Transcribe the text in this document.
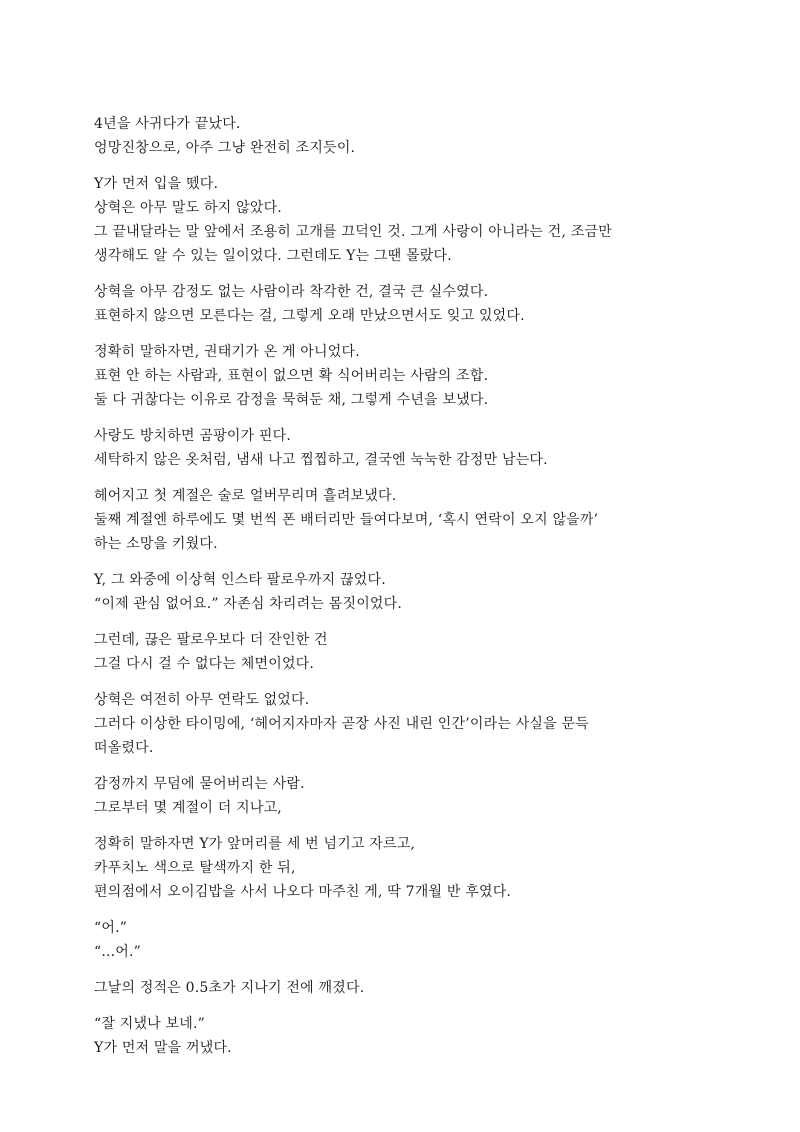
4년을 사귀다가 끝났다.
엉망진창으로, 아주 그냥 완전히 조지듯이.
Y가 먼저 입을 뗐다.
상혁은 아무 말도 하지 않았다.
그 끝내달라는 말 앞에서 조용히 고개를 끄덕인 것. 그게 사랑이 아니라는 건, 조금만
생각해도 알 수 있는 일이었다. 그런데도 Y는 그땐 몰랐다.
상혁을 아무 감정도 없는 사람이라 착각한 건, 결국 큰 실수였다.
표현하지 않으면 모른다는 걸, 그렇게 오래 만났으면서도 잊고 있었다.
정확히 말하자면, 권태기가 온 게 아니었다.
표현 안 하는 사람과, 표현이 없으면 확 식어버리는 사람의 조합.
둘 다 귀찮다는 이유로 감정을 묵혀둔 채, 그렇게 수년을 보냈다.
사랑도 방치하면 곰팡이가 핀다.
세탁하지 않은 옷처럼, 냄새 나고 찝찝하고, 결국엔 눅눅한 감정만 남는다.
헤어지고 첫 계절은 술로 얼버무리며 흘려보냈다.
둘째 계절엔 하루에도 몇 번씩 폰 배터리만 들여다보며, ‘혹시 연락이 오지 않을까’
하는 소망을 키웠다.
Y, 그 와중에 이상혁 인스타 팔로우까지 끊었다.
“이제 관심 없어요.” 자존심 차리려는 몸짓이었다.
그런데, 끊은 팔로우보다 더 잔인한 건
그걸 다시 걸 수 없다는 체면이었다.
상혁은 여전히 아무 연락도 없었다.
그러다 이상한 타이밍에, ‘헤어지자마자 곧장 사진 내린 인간’이라는 사실을 문득
떠올렸다.
감정까지 무덤에 묻어버리는 사람.
그로부터 몇 계절이 더 지나고,
정확히 말하자면 Y가 앞머리를 세 번 넘기고 자르고,
카푸치노 색으로 탈색까지 한 뒤,
편의점에서 오이김밥을 사서 나오다 마주친 게, 딱 7개월 반 후였다.
“어.”
“...어.”
그날의 정적은 0.5초가 지나기 전에 깨졌다.
“잘 지냈나 보네.”
Y가 먼저 말을 꺼냈다.
